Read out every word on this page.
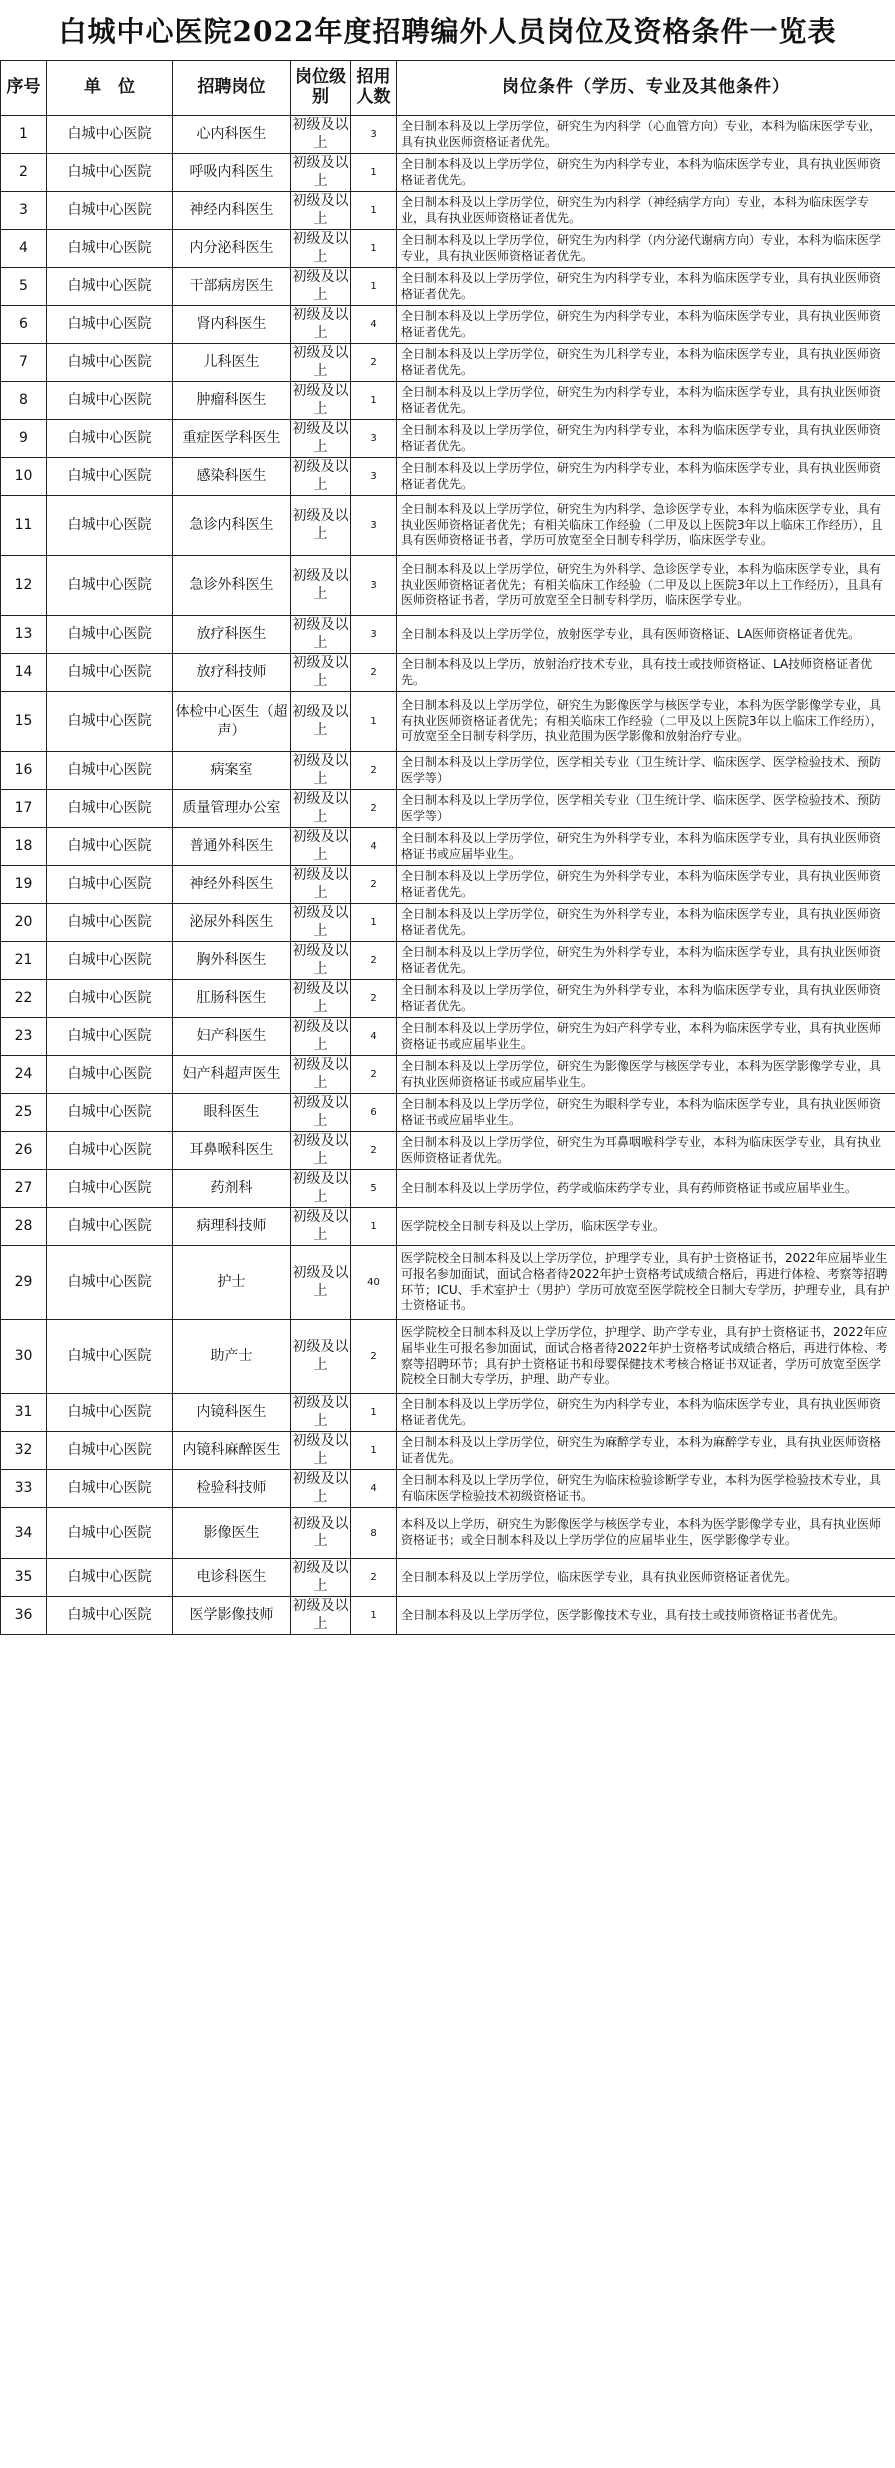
白城中心医院2022年度招聘编外人员岗位及资格条件一览表
序号	单　位	招聘岗位	岗位级别	招用人数	岗位条件（学历、专业及其他条件）
1	白城中心医院	心内科医生	初级及以上	3	全日制本科及以上学历学位，研究生为内科学（心血管方向）专业，本科为临床医学专业，具有执业医师资格证者优先。
2	白城中心医院	呼吸内科医生	初级及以上	1	全日制本科及以上学历学位，研究生为内科学专业，本科为临床医学专业，具有执业医师资格证者优先。
3	白城中心医院	神经内科医生	初级及以上	1	全日制本科及以上学历学位，研究生为内科学（神经病学方向）专业，本科为临床医学专业，具有执业医师资格证者优先。
4	白城中心医院	内分泌科医生	初级及以上	1	全日制本科及以上学历学位，研究生为内科学（内分泌代谢病方向）专业，本科为临床医学专业，具有执业医师资格证者优先。
5	白城中心医院	干部病房医生	初级及以上	1	全日制本科及以上学历学位，研究生为内科学专业，本科为临床医学专业，具有执业医师资格证者优先。
6	白城中心医院	肾内科医生	初级及以上	4	全日制本科及以上学历学位，研究生为内科学专业，本科为临床医学专业，具有执业医师资格证者优先。
7	白城中心医院	儿科医生	初级及以上	2	全日制本科及以上学历学位，研究生为儿科学专业，本科为临床医学专业，具有执业医师资格证者优先。
8	白城中心医院	肿瘤科医生	初级及以上	1	全日制本科及以上学历学位，研究生为内科学专业，本科为临床医学专业，具有执业医师资格证者优先。
9	白城中心医院	重症医学科医生	初级及以上	3	全日制本科及以上学历学位，研究生为内科学专业，本科为临床医学专业，具有执业医师资格证者优先。
10	白城中心医院	感染科医生	初级及以上	3	全日制本科及以上学历学位，研究生为内科学专业，本科为临床医学专业，具有执业医师资格证者优先。
11	白城中心医院	急诊内科医生	初级及以上	3	全日制本科及以上学历学位，研究生为内科学、急诊医学专业，本科为临床医学专业，具有执业医师资格证者优先；有相关临床工作经验（二甲及以上医院3年以上临床工作经历），且具有医师资格证书者，学历可放宽至全日制专科学历，临床医学专业。
12	白城中心医院	急诊外科医生	初级及以上	3	全日制本科及以上学历学位，研究生为外科学、急诊医学专业，本科为临床医学专业，具有执业医师资格证者优先；有相关临床工作经验（二甲及以上医院3年以上工作经历），且具有医师资格证书者，学历可放宽至全日制专科学历，临床医学专业。
13	白城中心医院	放疗科医生	初级及以上	3	全日制本科及以上学历学位，放射医学专业，具有医师资格证、LA医师资格证者优先。
14	白城中心医院	放疗科技师	初级及以上	2	全日制本科及以上学历，放射治疗技术专业，具有技士或技师资格证、LA技师资格证者优先。
15	白城中心医院	体检中心医生（超声）	初级及以上	1	全日制本科及以上学历学位，研究生为影像医学与核医学专业，本科为医学影像学专业，具有执业医师资格证者优先；有相关临床工作经验（二甲及以上医院3年以上临床工作经历），可放宽至全日制专科学历，执业范围为医学影像和放射治疗专业。
16	白城中心医院	病案室	初级及以上	2	全日制本科及以上学历学位，医学相关专业（卫生统计学、临床医学、医学检验技术、预防医学等）
17	白城中心医院	质量管理办公室	初级及以上	2	全日制本科及以上学历学位，医学相关专业（卫生统计学、临床医学、医学检验技术、预防医学等）
18	白城中心医院	普通外科医生	初级及以上	4	全日制本科及以上学历学位，研究生为外科学专业，本科为临床医学专业，具有执业医师资格证书或应届毕业生。
19	白城中心医院	神经外科医生	初级及以上	2	全日制本科及以上学历学位，研究生为外科学专业，本科为临床医学专业，具有执业医师资格证者优先。
20	白城中心医院	泌尿外科医生	初级及以上	1	全日制本科及以上学历学位，研究生为外科学专业，本科为临床医学专业，具有执业医师资格证者优先。
21	白城中心医院	胸外科医生	初级及以上	2	全日制本科及以上学历学位，研究生为外科学专业，本科为临床医学专业，具有执业医师资格证者优先。
22	白城中心医院	肛肠科医生	初级及以上	2	全日制本科及以上学历学位，研究生为外科学专业，本科为临床医学专业，具有执业医师资格证者优先。
23	白城中心医院	妇产科医生	初级及以上	4	全日制本科及以上学历学位，研究生为妇产科学专业，本科为临床医学专业，具有执业医师资格证书或应届毕业生。
24	白城中心医院	妇产科超声医生	初级及以上	2	全日制本科及以上学历学位，研究生为影像医学与核医学专业，本科为医学影像学专业，具有执业医师资格证书或应届毕业生。
25	白城中心医院	眼科医生	初级及以上	6	全日制本科及以上学历学位，研究生为眼科学专业，本科为临床医学专业，具有执业医师资格证书或应届毕业生。
26	白城中心医院	耳鼻喉科医生	初级及以上	2	全日制本科及以上学历学位，研究生为耳鼻咽喉科学专业，本科为临床医学专业，具有执业医师资格证者优先。
27	白城中心医院	药剂科	初级及以上	5	全日制本科及以上学历学位，药学或临床药学专业，具有药师资格证书或应届毕业生。
28	白城中心医院	病理科技师	初级及以上	1	医学院校全日制专科及以上学历，临床医学专业。
29	白城中心医院	护士	初级及以上	40	医学院校全日制本科及以上学历学位，护理学专业，具有护士资格证书，2022年应届毕业生可报名参加面试，面试合格者待2022年护士资格考试成绩合格后，再进行体检、考察等招聘环节；ICU、手术室护士（男护）学历可放宽至医学院校全日制大专学历，护理专业，具有护士资格证书。
30	白城中心医院	助产士	初级及以上	2	医学院校全日制本科及以上学历学位，护理学、助产学专业，具有护士资格证书，2022年应届毕业生可报名参加面试，面试合格者待2022年护士资格考试成绩合格后，再进行体检、考察等招聘环节；具有护士资格证书和母婴保健技术考核合格证书双证者，学历可放宽至医学院校全日制大专学历，护理、助产专业。
31	白城中心医院	内镜科医生	初级及以上	1	全日制本科及以上学历学位，研究生为内科学专业，本科为临床医学专业，具有执业医师资格证者优先。
32	白城中心医院	内镜科麻醉医生	初级及以上	1	全日制本科及以上学历学位，研究生为麻醉学专业，本科为麻醉学专业，具有执业医师资格证者优先。
33	白城中心医院	检验科技师	初级及以上	4	全日制本科及以上学历学位，研究生为临床检验诊断学专业，本科为医学检验技术专业，具有临床医学检验技术初级资格证书。
34	白城中心医院	影像医生	初级及以上	8	本科及以上学历，研究生为影像医学与核医学专业，本科为医学影像学专业，具有执业医师资格证书；或全日制本科及以上学历学位的应届毕业生，医学影像学专业。
35	白城中心医院	电诊科医生	初级及以上	2	全日制本科及以上学历学位，临床医学专业，具有执业医师资格证者优先。
36	白城中心医院	医学影像技师	初级及以上	1	全日制本科及以上学历学位，医学影像技术专业，具有技士或技师资格证书者优先。
